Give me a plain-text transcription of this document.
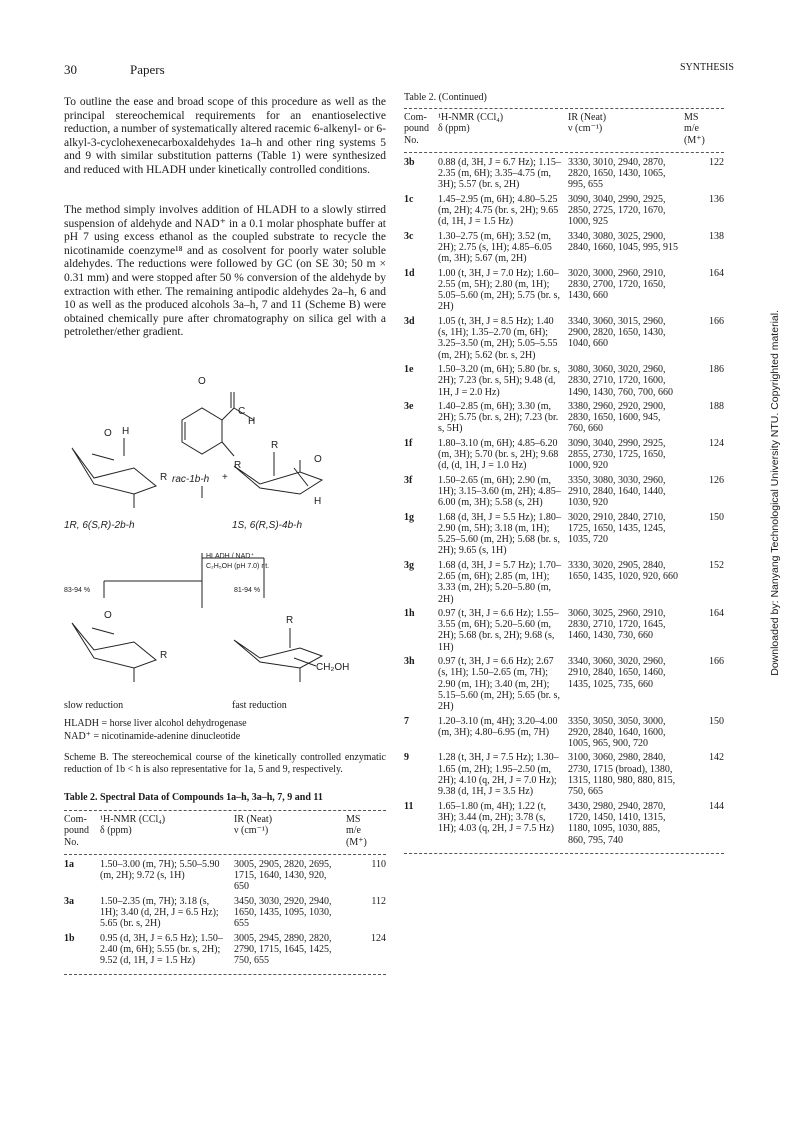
30	Papers	SYNTHESIS
To outline the ease and broad scope of this procedure as well as the principal stereochemical requirements for an enantioselective reduction, a number of systematically altered racemic 6-alkenyl- or 6-alkyl-3-cyclohexenecarboxaldehydes 1a–h and other ring systems 5 and 9 with similar substitution patterns (Table 1) were synthesized and reduced with HLADH under kinetically controlled conditions.
The method simply involves addition of HLADH to a slowly stirred suspension of aldehyde and NAD⁺ in a 0.1 molar phosphate buffer at pH 7 using excess ethanol as the coupled substrate to recycle the nicotinamide coenzyme¹⁸ and as cosolvent for poorly water soluble aldehydes. The reductions were followed by GC (on SE 30; 50 m × 0.31 mm) and were stopped after 50 % conversion of the aldehyde by extraction with ether. The remaining antipodic aldehydes 2a–h, 6 and 10 as well as the produced alcohols 3a–h, 7 and 11 (Scheme B) were obtained chemically pure after chromatography on silica gel with a petrolether/ether gradient.
O
C
H
R
rac-1b-h
O H
R	+
R
O
H
1R, 6(S,R)-2b-h	1S, 6(R,S)-4b-h
HLADH / NAD⁺
C₂H₅OH (pH 7.0) r.t.
83-94 %	81-94 %
O
R
R
CH₂OH
slow reduction	fast reduction
HLADH = horse liver alcohol dehydrogenase
NAD⁺ = nicotinamide-adenine dinucleotide
Scheme B. The stereochemical course of the kinetically controlled enzymatic reduction of 1b < h is also representative for 1a, 5 and 9, respectively.
Table 2. Spectral Data of Compounds 1a–h, 3a–h, 7, 9 and 11
Com-
pound
No.	¹H-NMR (CCl₄)
δ (ppm)	IR (Neat)
ν (cm⁻¹)	MS
m/e
(M⁺)
1a	1.50–3.00 (m, 7H); 5.50–5.90 (m, 2H); 9.72 (s, 1H)	3005, 2905, 2820, 2695, 1715, 1640, 1430, 920, 650	110
3a	1.50–2.35 (m, 7H); 3.18 (s, 1H); 3.40 (d, 2H, J = 6.5 Hz); 5.65 (br. s, 2H)	3450, 3030, 2920, 2940, 1650, 1435, 1095, 1030, 655	112
1b	0.95 (d, 3H, J = 6.5 Hz); 1.50–2.40 (m, 6H); 5.55 (br. s, 2H); 9.52 (d, 1H, J = 1.5 Hz)	3005, 2945, 2890, 2820, 2790, 1715, 1645, 1425, 750, 655	124
Table 2. (Continued)
Com-
pound
No.	¹H-NMR (CCl₄)
δ (ppm)	IR (Neat)
ν (cm⁻¹)	MS
m/e
(M⁺)
3b	0.88 (d, 3H, J = 6.7 Hz); 1.15–2.35 (m, 6H); 3.35–4.75 (m, 3H); 5.57 (br. s, 2H)	3330, 3010, 2940, 2870, 2820, 1650, 1430, 1065, 995, 655	122
1c	1.45–2.95 (m, 6H); 4.80–5.25 (m, 2H); 4.75 (br. s, 2H); 9.65 (d, 1H, J = 1.5 Hz)	3090, 3040, 2990, 2925, 2850, 2725, 1720, 1670, 1000, 925	136
3c	1.30–2.75 (m, 6H); 3.52 (m, 2H); 2.75 (s, 1H); 4.85–6.05 (m, 3H); 5.67 (m, 2H)	3340, 3080, 3025, 2900, 2840, 1660, 1045, 995, 915	138
1d	1.00 (t, 3H, J = 7.0 Hz); 1.60–2.55 (m, 5H); 2.80 (m, 1H); 5.05–5.60 (m, 2H); 5.75 (br. s, 2H)	3020, 3000, 2960, 2910, 2830, 2700, 1720, 1650, 1430, 660	164
3d	1.05 (t, 3H, J = 8.5 Hz); 1.40 (s, 1H); 1.35–2.70 (m, 6H); 3.25–3.50 (m, 2H); 5.05–5.55 (m, 2H); 5.62 (br. s, 2H)	3340, 3060, 3015, 2960, 2900, 2820, 1650, 1430, 1040, 660	166
1e	1.50–3.20 (m, 6H); 5.80 (br. s, 2H); 7.23 (br. s, 5H); 9.48 (d, 1H, J = 2.0 Hz)	3080, 3060, 3020, 2960, 2830, 2710, 1720, 1600, 1490, 1430, 760, 700, 660	186
3e	1.40–2.85 (m, 6H); 3.30 (m, 2H); 5.75 (br. s, 2H); 7.23 (br. s, 5H)	3380, 2960, 2920, 2900, 2830, 1650, 1600, 945, 760, 660	188
1f	1.80–3.10 (m, 6H); 4.85–6.20 (m, 3H); 5.70 (br. s, 2H); 9.68 (d, (d, 1H, J = 1.0 Hz)	3090, 3040, 2990, 2925, 2855, 2730, 1725, 1650, 1000, 920	124
3f	1.50–2.65 (m, 6H); 2.90 (m, 1H); 3.15–3.60 (m, 2H); 4.85–6.00 (m, 3H); 5.58 (s, 2H)	3350, 3080, 3030, 2960, 2910, 2840, 1640, 1440, 1030, 920	126
1g	1.68 (d, 3H, J = 5.5 Hz); 1.80–2.90 (m, 5H); 3.18 (m, 1H); 5.25–5.60 (m, 2H); 5.68 (br. s, 2H); 9.65 (s, 1H)	3020, 2910, 2840, 2710, 1725, 1650, 1435, 1245, 1035, 720	150
3g	1.68 (d, 3H, J = 5.7 Hz); 1.70–2.65 (m, 6H); 2.85 (m, 1H); 3.33 (m, 2H); 5.20–5.80 (m, 2H)	3330, 3020, 2905, 2840, 1650, 1435, 1020, 920, 660	152
1h	0.97 (t, 3H, J = 6.6 Hz); 1.55–3.55 (m, 6H); 5.20–5.60 (m, 2H); 5.68 (br. s, 2H); 9.68 (s, 1H)	3060, 3025, 2960, 2910, 2830, 2710, 1720, 1645, 1460, 1430, 730, 660	164
3h	0.97 (t, 3H, J = 6.6 Hz); 2.67 (s, 1H); 1.50–2.65 (m, 7H); 2.90 (m, 1H); 3.40 (m, 2H); 5.15–5.60 (m, 2H); 5.65 (br. s, 2H)	3340, 3060, 3020, 2960, 2910, 2840, 1650, 1460, 1435, 1025, 735, 660	166
7	1.20–3.10 (m, 4H); 3.20–4.00 (m, 3H); 4.80–6.95 (m, 7H)	3350, 3050, 3050, 3000, 2920, 2840, 1640, 1600, 1005, 965, 900, 720	150
9	1.28 (t, 3H, J = 7.5 Hz); 1.30–1.65 (m, 2H); 1.95–2.50 (m, 2H); 4.10 (q, 2H, J = 7.0 Hz); 9.38 (d, 1H, J = 3.5 Hz)	3100, 3060, 2980, 2840, 2730, 1715 (broad), 1380, 1315, 1180, 980, 880, 815, 750, 665	142
11	1.65–1.80 (m, 4H); 1.22 (t, 3H); 3.44 (m, 2H); 3.78 (s, 1H); 4.03 (q, 2H, J = 7.5 Hz)	3430, 2980, 2940, 2870, 1720, 1450, 1410, 1315, 1180, 1095, 1030, 885, 860, 795, 740	144
Downloaded by: Nanyang Technological University NTU. Copyrighted material.
